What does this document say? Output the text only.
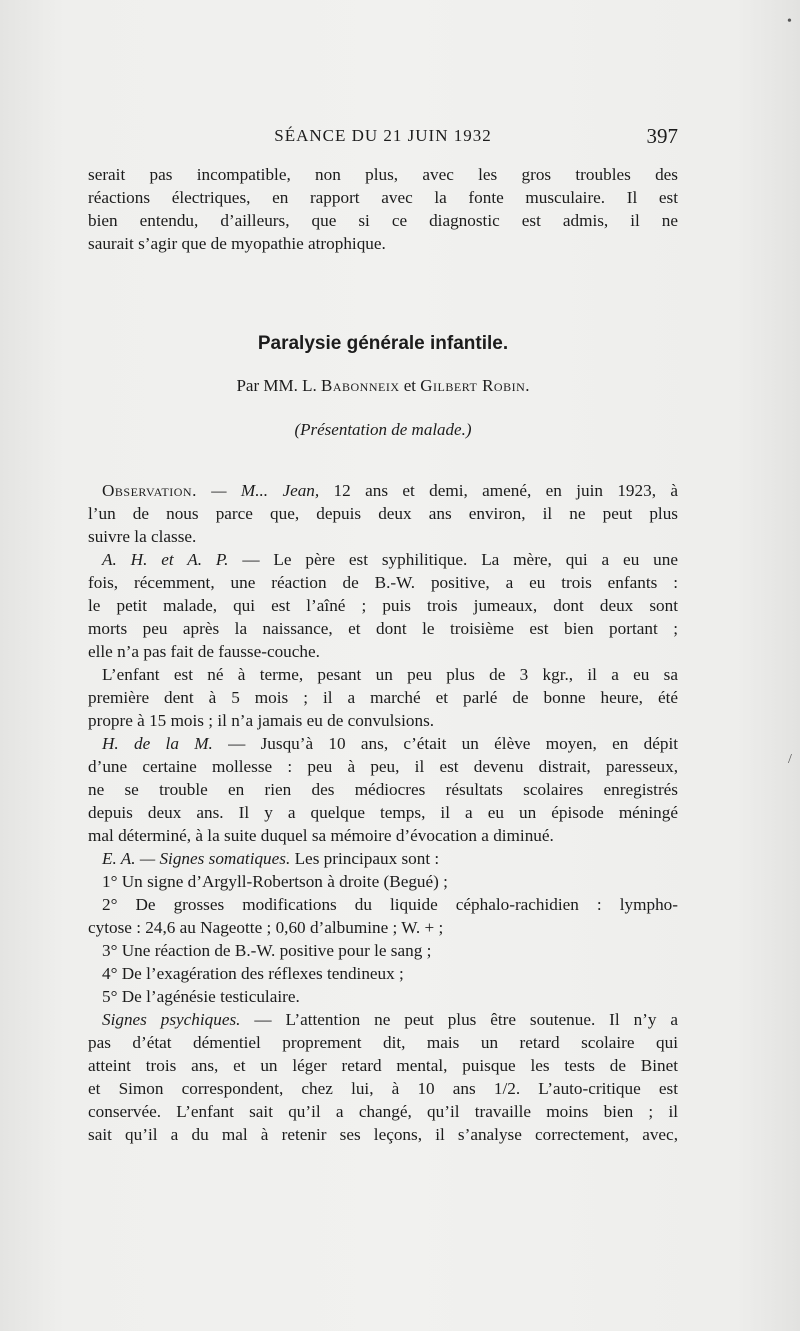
SÉANCE DU 21 JUIN 1932	397
serait pas incompatible, non plus, avec les gros troubles des
réactions électriques, en rapport avec la fonte musculaire. Il est
bien entendu, d’ailleurs, que si ce diagnostic est admis, il ne
saurait s’agir que de myopathie atrophique.
Paralysie générale infantile.
Par MM. L. Babonneix et Gilbert Robin.
(Présentation de malade.)
Observation. — M... Jean, 12 ans et demi, amené, en juin 1923, à
l’un de nous parce que, depuis deux ans environ, il ne peut plus
suivre la classe.
A. H. et A. P. — Le père est syphilitique. La mère, qui a eu une
fois, récemment, une réaction de B.-W. positive, a eu trois enfants :
le petit malade, qui est l’aîné ; puis trois jumeaux, dont deux sont
morts peu après la naissance, et dont le troisième est bien portant ;
elle n’a pas fait de fausse-couche.
L’enfant est né à terme, pesant un peu plus de 3 kgr., il a eu sa
première dent à 5 mois ; il a marché et parlé de bonne heure, été
propre à 15 mois ; il n’a jamais eu de convulsions.
H. de la M. — Jusqu’à 10 ans, c’était un élève moyen, en dépit
d’une certaine mollesse : peu à peu, il est devenu distrait, paresseux,
ne se trouble en rien des médiocres résultats scolaires enregistrés
depuis deux ans. Il y a quelque temps, il a eu un épisode méningé
mal déterminé, à la suite duquel sa mémoire d’évocation a diminué.
E. A. — Signes somatiques. Les principaux sont :
1° Un signe d’Argyll-Robertson à droite (Begué) ;
2° De grosses modifications du liquide céphalo-rachidien : lympho-
cytose : 24,6 au Nageotte ; 0,60 d’albumine ; W. + ;
3° Une réaction de B.-W. positive pour le sang ;
4° De l’exagération des réflexes tendineux ;
5° De l’agénésie testiculaire.
Signes psychiques. — L’attention ne peut plus être soutenue. Il n’y a
pas d’état démentiel proprement dit, mais un retard scolaire qui
atteint trois ans, et un léger retard mental, puisque les tests de Binet
et Simon correspondent, chez lui, à 10 ans 1/2. L’auto-critique est
conservée. L’enfant sait qu’il a changé, qu’il travaille moins bien ; il
sait qu’il a du mal à retenir ses leçons, il s’analyse correctement, avec,
•
/
